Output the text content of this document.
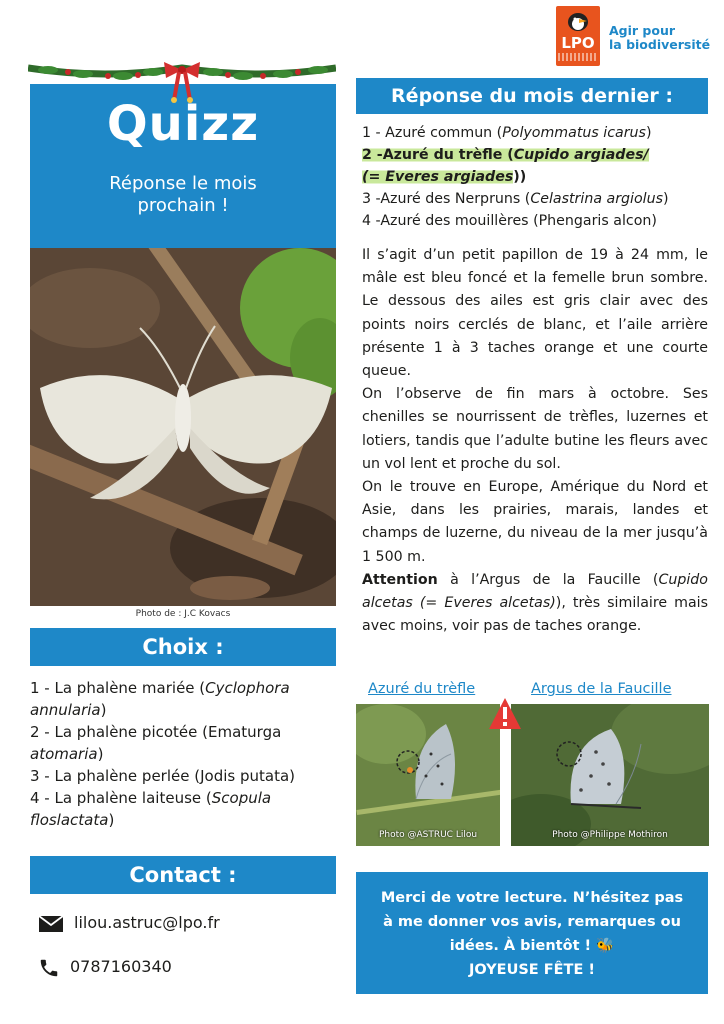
LPO
Agir pour
la biodiversité
Quizz
Réponse le mois
prochain !
Photo de : J.C Kovacs
Choix :
1 - La phalène mariée (Cyclophora annularia)
2 - La phalène picotée (Ematurga atomaria)
3 - La phalène perlée (Jodis putata)
4 - La phalène laiteuse (Scopula floslactata)
Contact :
lilou.astruc@lpo.fr
0787160340
Réponse du mois dernier :
1 - Azuré commun (Polyommatus icarus)
2 -Azuré du trèfle (Cupido argiades/
(= Everes argiades))
3 -Azuré des Nerpruns (Celastrina argiolus)
4 -Azuré des mouillères (Phengaris alcon)

Il s’agit d’un petit papillon de 19 à 24 mm, le mâle est bleu foncé et la femelle brun sombre. Le dessous des ailes est gris clair avec des points noirs cerclés de blanc, et l’aile arrière présente 1 à 3 taches orange et une courte queue.

On l’observe de fin mars à octobre. Ses chenilles se nourrissent de trèfles, luzernes et lotiers, tandis que l’adulte butine les fleurs avec un vol lent et proche du sol.

On le trouve en Europe, Amérique du Nord et Asie, dans les prairies, marais, landes et champs de luzerne, du niveau de la mer jusqu’à 1 500 m.

Attention à l’Argus de la Faucille (Cupido alcetas (= Everes alcetas)), très similaire mais avec moins, voir pas de taches orange.

Azuré du trèfle	Argus de la Faucille
Photo @ASTRUC Lilou	Photo @Philippe Mothiron
Merci de votre lecture. N’hésitez pas
à me donner vos avis, remarques ou
idées. À bientôt ! 🐝
JOYEUSE FÊTE !
